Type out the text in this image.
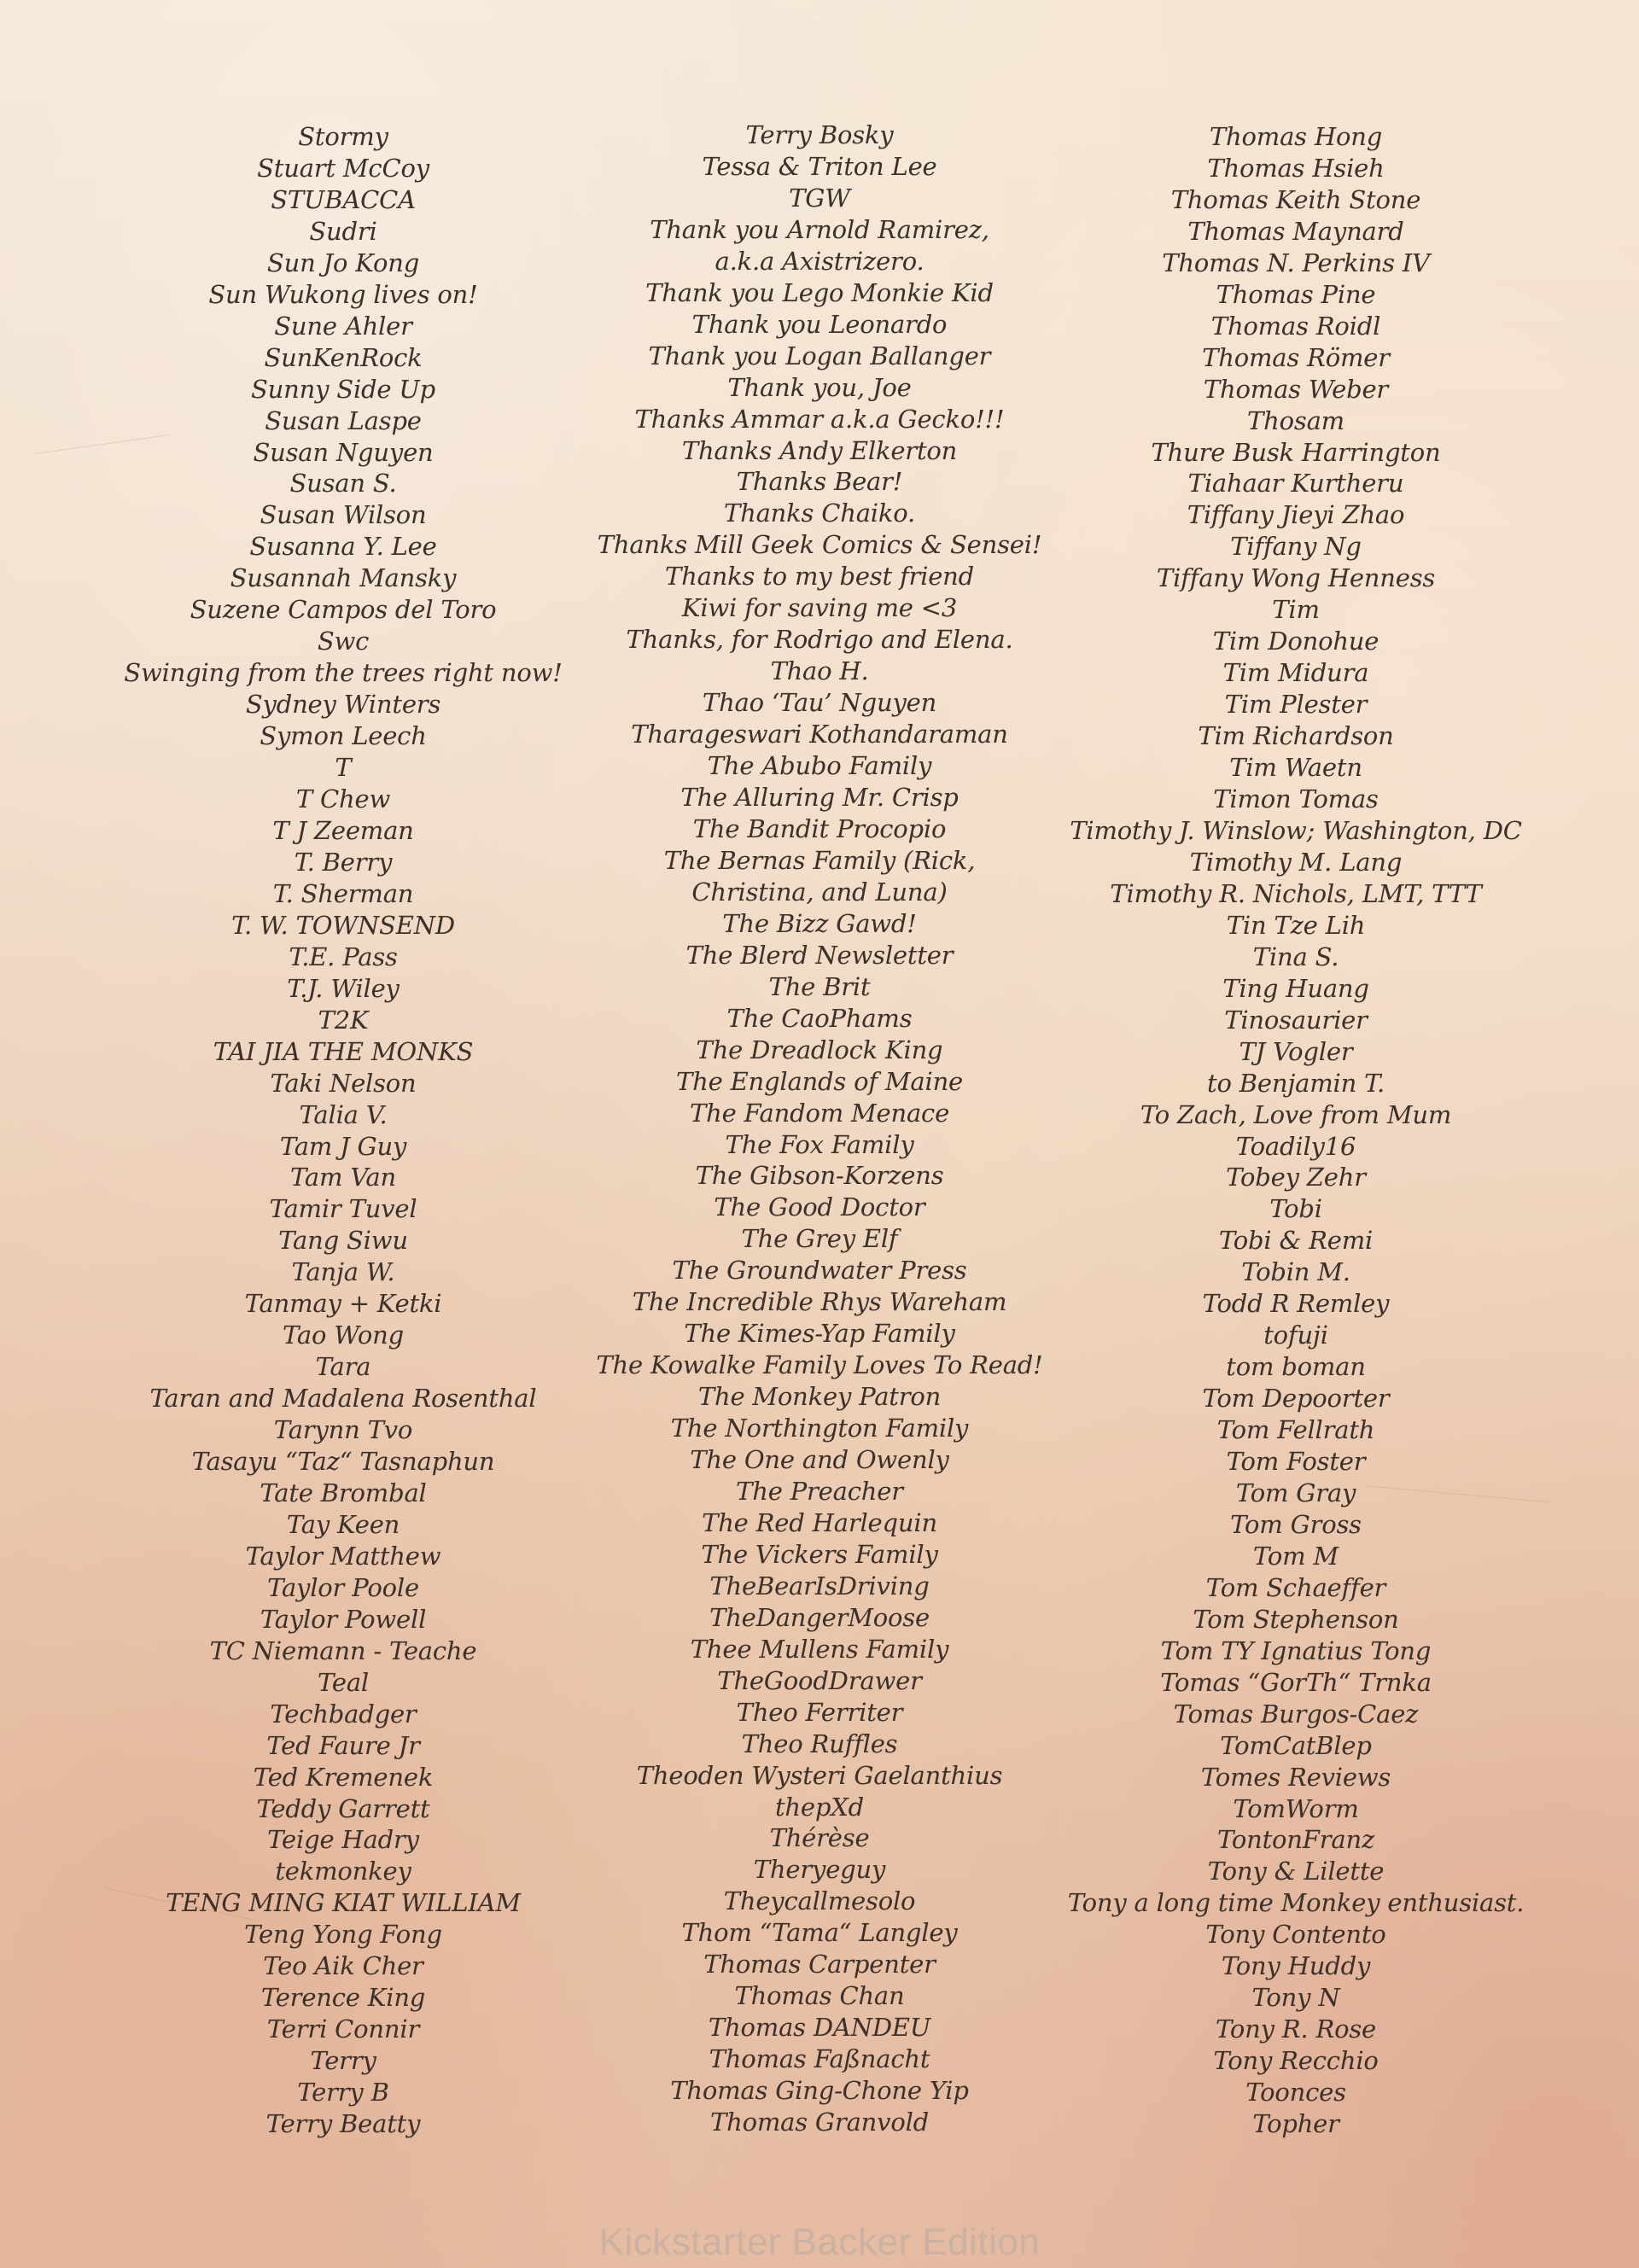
Stormy
Stuart McCoy
STUBACCA
Sudri
Sun Jo Kong
Sun Wukong lives on!
Sune Ahler
SunKenRock
Sunny Side Up
Susan Laspe
Susan Nguyen
Susan S.
Susan Wilson
Susanna Y. Lee
Susannah Mansky
Suzene Campos del Toro
Swc
Swinging from the trees right now!
Sydney Winters
Symon Leech
T
T Chew
T J Zeeman
T. Berry
T. Sherman
T. W. TOWNSEND
T.E. Pass
T.J. Wiley
T2K
TAI JIA THE MONKS
Taki Nelson
Talia V.
Tam J Guy
Tam Van
Tamir Tuvel
Tang Siwu
Tanja W.
Tanmay + Ketki
Tao Wong
Tara
Taran and Madalena Rosenthal
Tarynn Tvo
Tasayu “Taz“ Tasnaphun
Tate Brombal
Tay Keen
Taylor Matthew
Taylor Poole
Taylor Powell
TC Niemann - Teache
Teal
Techbadger
Ted Faure Jr
Ted Kremenek
Teddy Garrett
Teige Hadry
tekmonkey
TENG MING KIAT WILLIAM
Teng Yong Fong
Teo Aik Cher
Terence King
Terri Connir
Terry
Terry B
Terry Beatty
Terry Bosky
Tessa & Triton Lee
TGW
Thank you Arnold Ramirez,
a.k.a Axistrizero.
Thank you Lego Monkie Kid
Thank you Leonardo
Thank you Logan Ballanger
Thank you, Joe
Thanks Ammar a.k.a Gecko!!!
Thanks Andy Elkerton
Thanks Bear!
Thanks Chaiko.
Thanks Mill Geek Comics & Sensei!
Thanks to my best friend
Kiwi for saving me <3
Thanks, for Rodrigo and Elena.
Thao H.
Thao ‘Tau’ Nguyen
Tharageswari Kothandaraman
The Abubo Family
The Alluring Mr. Crisp
The Bandit Procopio
The Bernas Family (Rick,
Christina, and Luna)
The Bizz Gawd!
The Blerd Newsletter
The Brit
The CaoPhams
The Dreadlock King
The Englands of Maine
The Fandom Menace
The Fox Family
The Gibson-Korzens
The Good Doctor
The Grey Elf
The Groundwater Press
The Incredible Rhys Wareham
The Kimes-Yap Family
The Kowalke Family Loves To Read!
The Monkey Patron
The Northington Family
The One and Owenly
The Preacher
The Red Harlequin
The Vickers Family
TheBearIsDriving
TheDangerMoose
Thee Mullens Family
TheGoodDrawer
Theo Ferriter
Theo Ruffles
Theoden Wysteri Gaelanthius
thepXd
Thérèse
Theryeguy
Theycallmesolo
Thom “Tama“ Langley
Thomas Carpenter
Thomas Chan
Thomas DANDEU
Thomas Faßnacht
Thomas Ging-Chone Yip
Thomas Granvold
Thomas Hong
Thomas Hsieh
Thomas Keith Stone
Thomas Maynard
Thomas N. Perkins IV
Thomas Pine
Thomas Roidl
Thomas Römer
Thomas Weber
Thosam
Thure Busk Harrington
Tiahaar Kurtheru
Tiffany Jieyi Zhao
Tiffany Ng
Tiffany Wong Henness
Tim
Tim Donohue
Tim Midura
Tim Plester
Tim Richardson
Tim Waetn
Timon Tomas
Timothy J. Winslow; Washington, DC
Timothy M. Lang
Timothy R. Nichols, LMT, TTT
Tin Tze Lih
Tina S.
Ting Huang
Tinosaurier
TJ Vogler
to Benjamin T.
To Zach, Love from Mum
Toadily16
Tobey Zehr
Tobi
Tobi & Remi
Tobin M.
Todd R Remley
tofuji
tom boman
Tom Depoorter
Tom Fellrath
Tom Foster
Tom Gray
Tom Gross
Tom M
Tom Schaeffer
Tom Stephenson
Tom TY Ignatius Tong
Tomas “GorTh“ Trnka
Tomas Burgos-Caez
TomCatBlep
Tomes Reviews
TomWorm
TontonFranz
Tony & Lilette
Tony a long time Monkey enthusiast.
Tony Contento
Tony Huddy
Tony N
Tony R. Rose
Tony Recchio
Toonces
Topher
Kickstarter Backer Edition
